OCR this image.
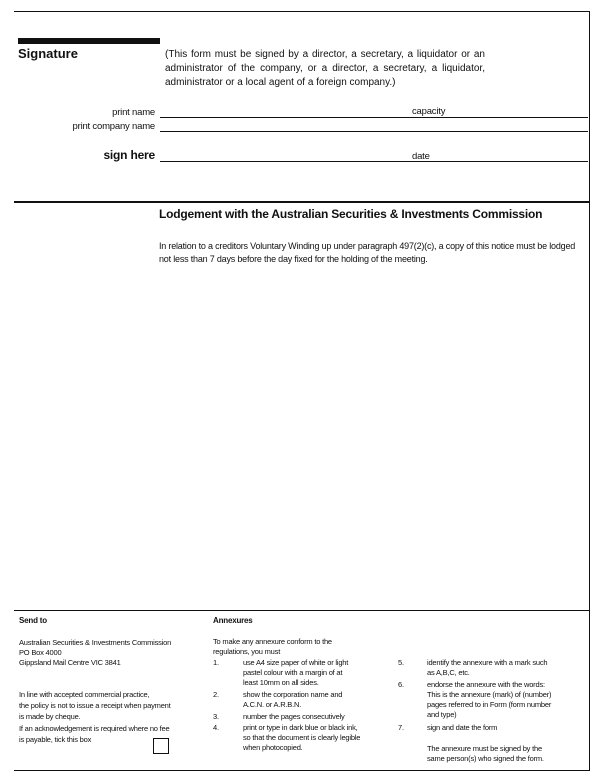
Signature	(This form must be signed by a director, a secretary, a liquidator or an administrator of the company, or a director, a secretary, a liquidator, administrator or a local agent of a foreign company.)
print name	capacity
print company name
sign here	date
Lodgement with the Australian Securities & Investments Commission
In relation to a creditors Voluntary Winding up under paragraph 497(2)(c), a copy of this notice must be lodged not less than 7 days before the day fixed for the holding of the meeting.
Send to
Australian Securities & Investments Commission
PO Box 4000
Gippsland Mail Centre VIC 3841
In line with accepted commercial practice,
the policy is not to issue a receipt when payment
is made by cheque.
If an acknowledgement is required where no fee
is payable, tick this box
Annexures
To make any annexure conform to the
regulations, you must
1.	use A4 size paper of white or light
pastel colour with a margin of at
least 10mm on all sides.
2.	show the corporation name and
A.C.N. or A.R.B.N.
3.	number the pages consecutively
4.	print or type in dark blue or black ink,
so that the document is clearly legible
when photocopied.
5.	identify the annexure with a mark such
as A,B,C, etc.
6.	endorse the annexure with the words:
This is the annexure (mark) of (number)
pages referred to in Form (form number
and type)
7.	sign and date the form
The annexure must be signed by the
same person(s) who signed the form.
